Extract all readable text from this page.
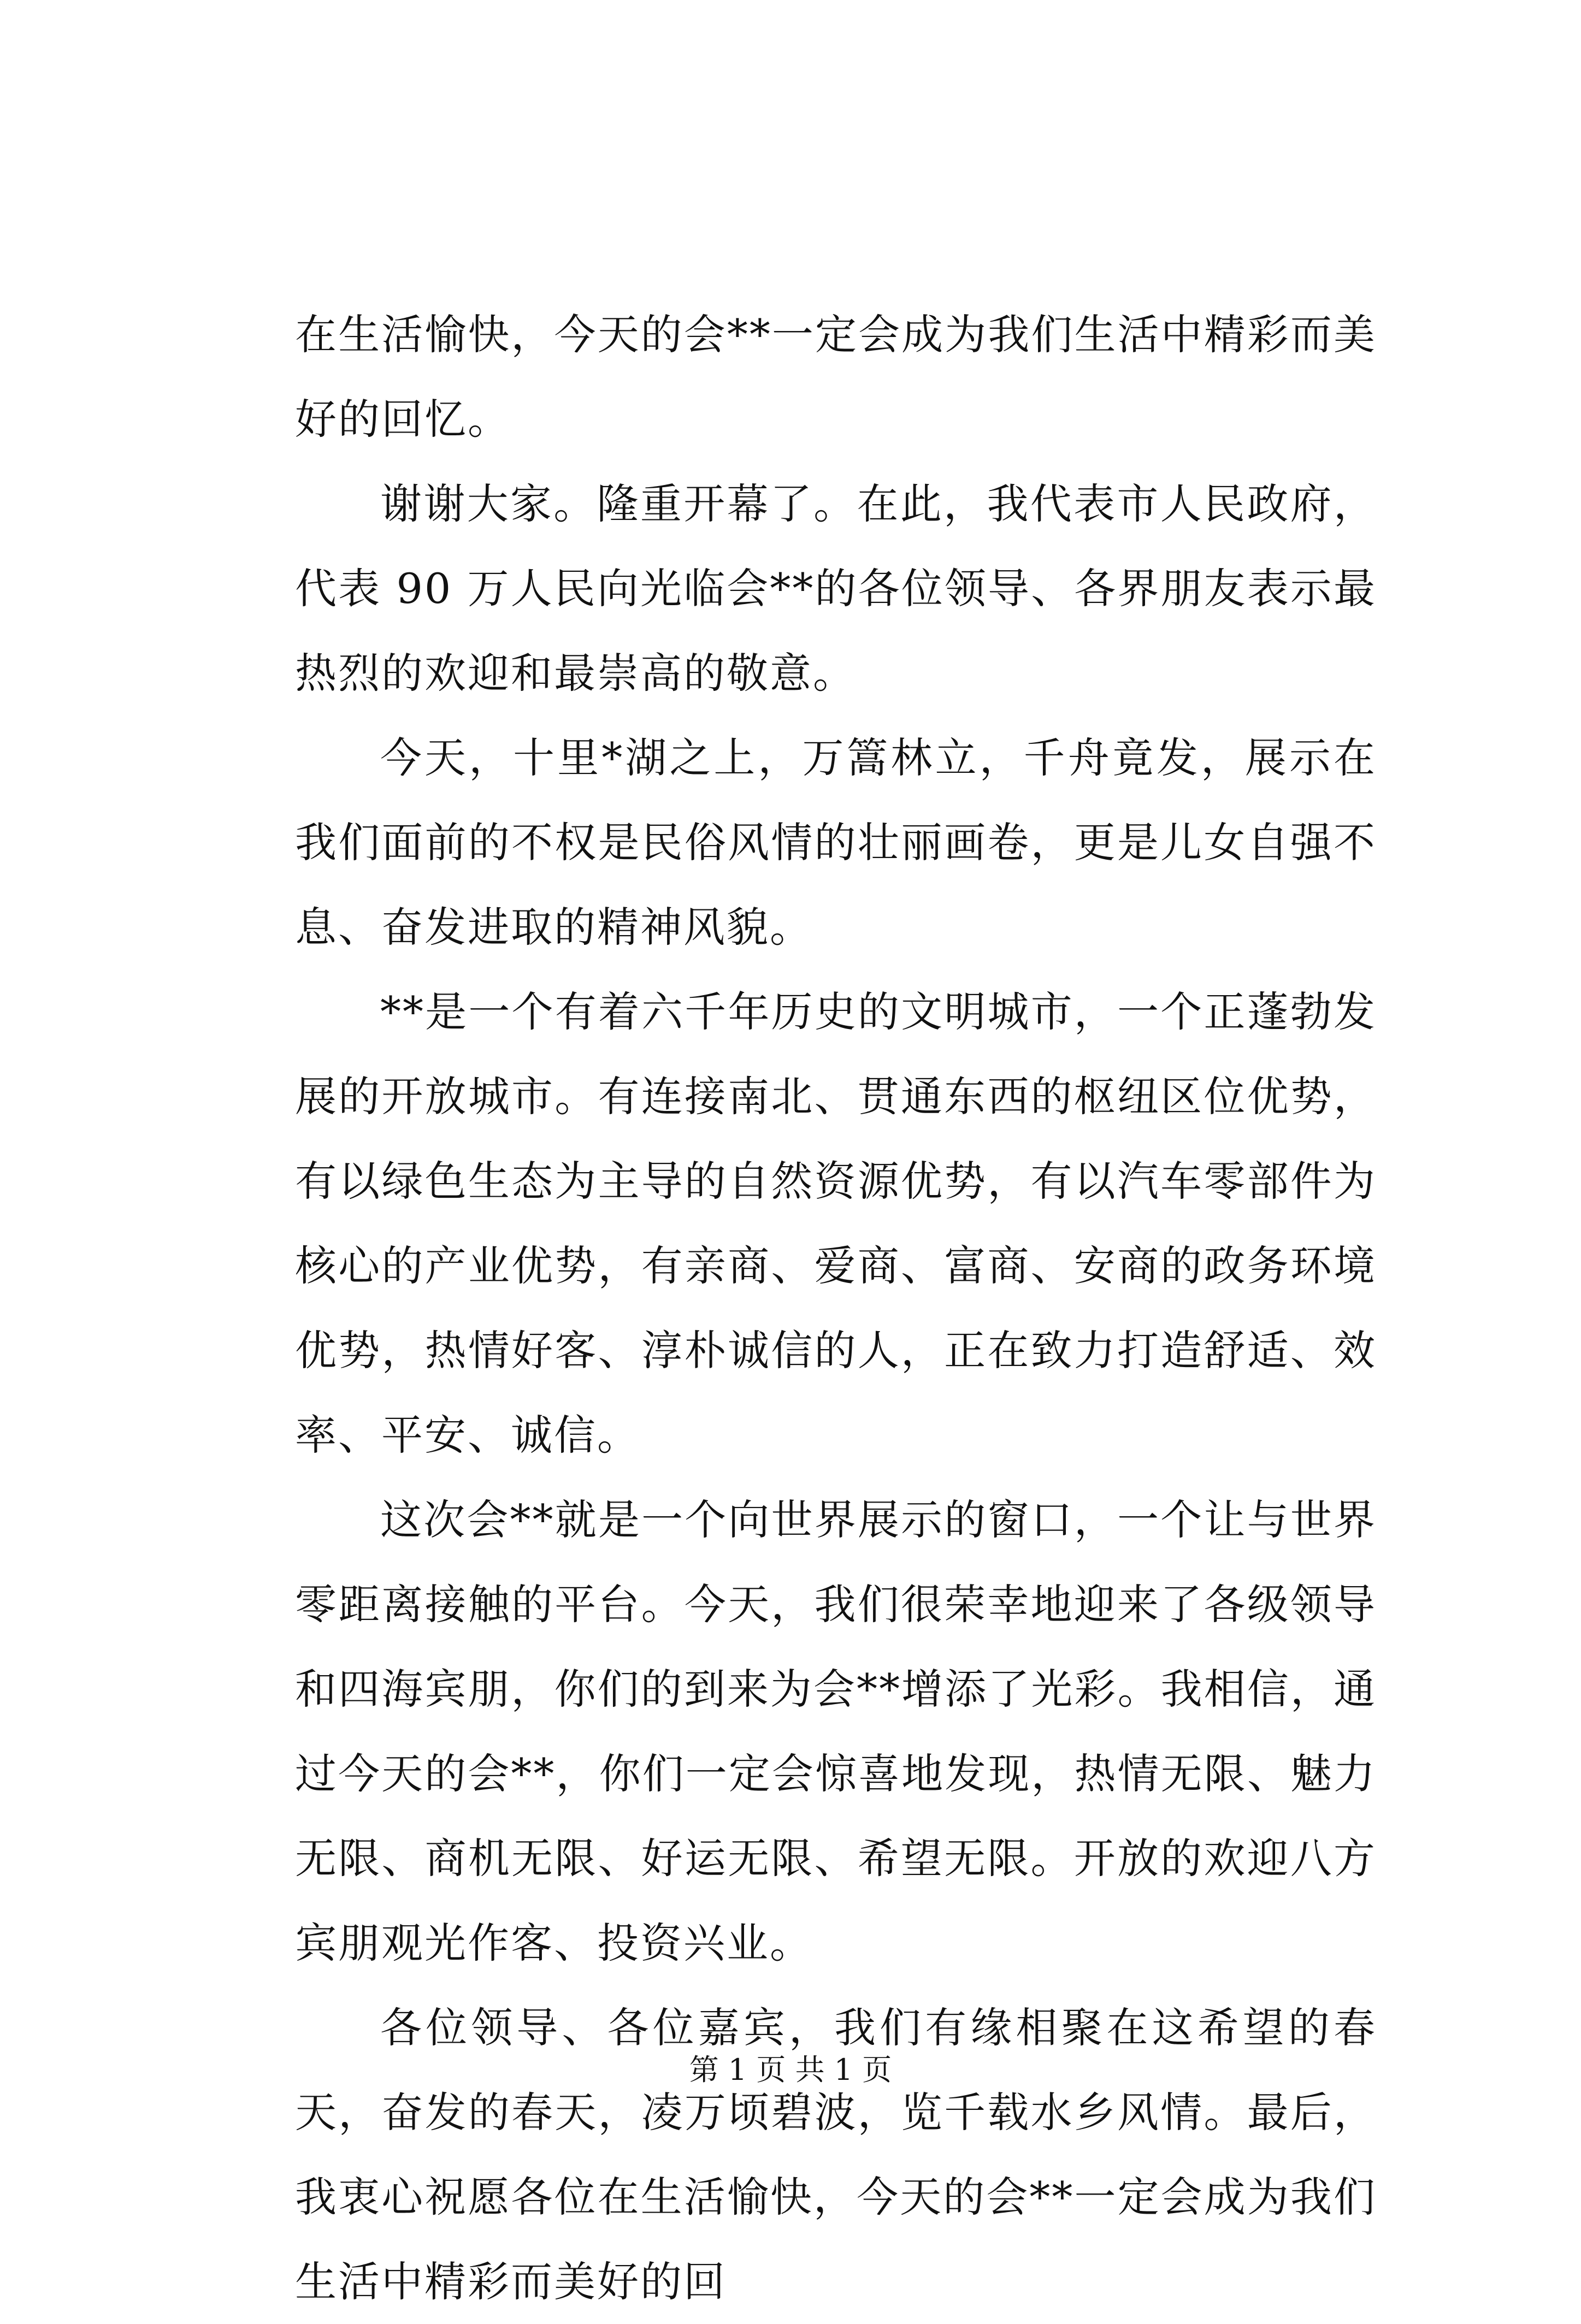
在生活愉快，今天的会**一定会成为我们生活中精彩而美好的回忆。

谢谢大家。隆重开幕了。在此，我代表市人民政府，代表 90 万人民向光临会**的各位领导、各界朋友表示最热烈的欢迎和最崇高的敬意。

今天，十里*湖之上，万篙林立，千舟竟发，展示在我们面前的不权是民俗风情的壮丽画卷，更是儿女自强不息、奋发进取的精神风貌。

**是一个有着六千年历史的文明城市，一个正蓬勃发展的开放城市。有连接南北、贯通东西的枢纽区位优势，有以绿色生态为主导的自然资源优势，有以汽车零部件为核心的产业优势，有亲商、爱商、富商、安商的政务环境优势，热情好客、淳朴诚信的人，正在致力打造舒适、效率、平安、诚信。

这次会**就是一个向世界展示的窗口，一个让与世界零距离接触的平台。今天，我们很荣幸地迎来了各级领导和四海宾朋，你们的到来为会**增添了光彩。我相信，通过今天的会**，你们一定会惊喜地发现，热情无限、魅力无限、商机无限、好运无限、希望无限。开放的欢迎八方宾朋观光作客、投资兴业。

各位领导、各位嘉宾，我们有缘相聚在这希望的春天，奋发的春天，凌万顷碧波，览千载水乡风情。最后，我衷心祝愿各位在生活愉快，今天的会**一定会成为我们生活中精彩而美好的回

第 1 页 共 1 页
